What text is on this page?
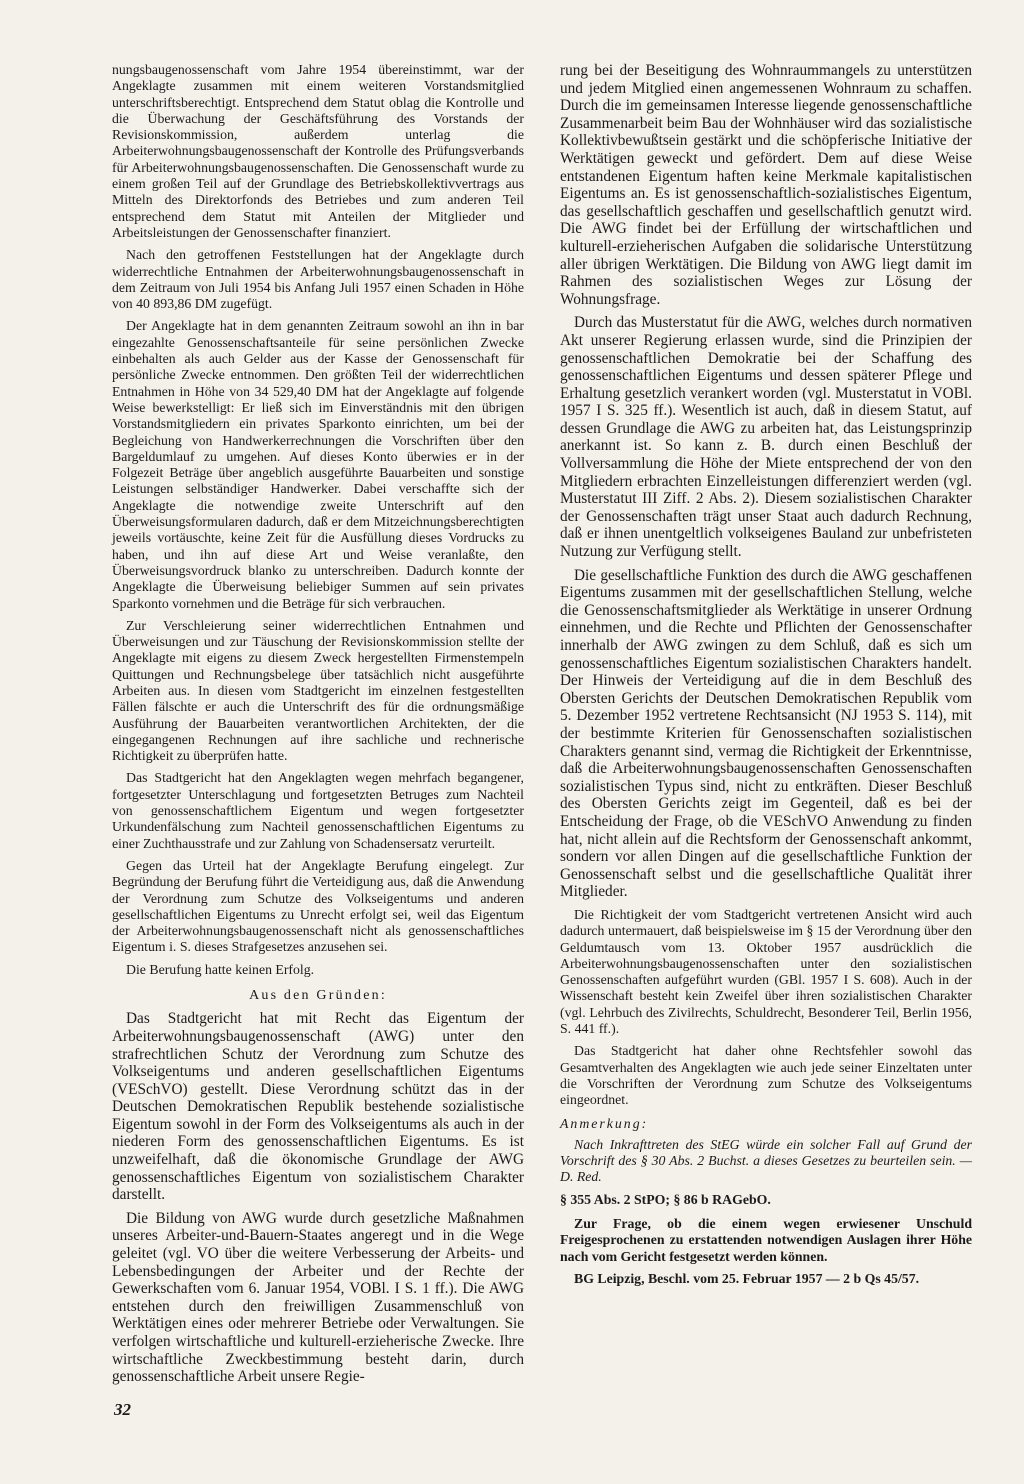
nungsbaugenossenschaft vom Jahre 1954 übereinstimmt, war der Angeklagte zusammen mit einem weiteren Vorstandsmitglied unterschriftsberechtigt. Entsprechend dem Statut oblag die Kontrolle und die Überwachung der Geschäftsführung des Vorstands der Revisionskommission, außerdem unterlag die Arbeiterwohnungsbaugenossenschaft der Kontrolle des Prüfungsverbands für Arbeiterwohnungsbaugenossenschaften. Die Genossenschaft wurde zu einem großen Teil auf der Grundlage des Betriebskollektivvertrags aus Mitteln des Direktorfonds des Betriebes und zum anderen Teil entsprechend dem Statut mit Anteilen der Mitglieder und Arbeitsleistungen der Genossenschafter finanziert.

Nach den getroffenen Feststellungen hat der Angeklagte durch widerrechtliche Entnahmen der Arbeiterwohnungsbaugenossenschaft in dem Zeitraum von Juli 1954 bis Anfang Juli 1957 einen Schaden in Höhe von 40 893,86 DM zugefügt.

Der Angeklagte hat in dem genannten Zeitraum sowohl an ihn in bar eingezahlte Genossenschaftsanteile für seine persönlichen Zwecke einbehalten als auch Gelder aus der Kasse der Genossenschaft für persönliche Zwecke entnommen. Den größten Teil der widerrechtlichen Entnahmen in Höhe von 34 529,40 DM hat der Angeklagte auf folgende Weise bewerkstelligt: Er ließ sich im Einverständnis mit den übrigen Vorstandsmitgliedern ein privates Sparkonto einrichten, um bei der Begleichung von Handwerkerrechnungen die Vorschriften über den Bargeldumlauf zu umgehen. Auf dieses Konto überwies er in der Folgezeit Beträge über angeblich ausgeführte Bauarbeiten und sonstige Leistungen selbständiger Handwerker. Dabei verschaffte sich der Angeklagte die notwendige zweite Unterschrift auf den Überweisungsformularen dadurch, daß er dem Mitzeichnungsberechtigten jeweils vortäuschte, keine Zeit für die Ausfüllung dieses Vordrucks zu haben, und ihn auf diese Art und Weise veranlaßte, den Überweisungsvordruck blanko zu unterschreiben. Dadurch konnte der Angeklagte die Überweisung beliebiger Summen auf sein privates Sparkonto vornehmen und die Beträge für sich verbrauchen.

Zur Verschleierung seiner widerrechtlichen Entnahmen und Überweisungen und zur Täuschung der Revisionskommission stellte der Angeklagte mit eigens zu diesem Zweck hergestellten Firmenstempeln Quittungen und Rechnungsbelege über tatsächlich nicht ausgeführte Arbeiten aus. In diesen vom Stadtgericht im einzelnen festgestellten Fällen fälschte er auch die Unterschrift des für die ordnungsmäßige Ausführung der Bauarbeiten verantwortlichen Architekten, der die eingegangenen Rechnungen auf ihre sachliche und rechnerische Richtigkeit zu überprüfen hatte.

Das Stadtgericht hat den Angeklagten wegen mehrfach begangener, fortgesetzter Unterschlagung und fortgesetzten Betruges zum Nachteil von genossenschaftlichem Eigentum und wegen fortgesetzter Urkundenfälschung zum Nachteil genossenschaftlichen Eigentums zu einer Zuchthausstrafe und zur Zahlung von Schadensersatz verurteilt.

Gegen das Urteil hat der Angeklagte Berufung eingelegt. Zur Begründung der Berufung führt die Verteidigung aus, daß die Anwendung der Verordnung zum Schutze des Volkseigentums und anderen gesellschaftlichen Eigentums zu Unrecht erfolgt sei, weil das Eigentum der Arbeiterwohnungsbaugenossenschaft nicht als genossenschaftliches Eigentum i. S. dieses Strafgesetzes anzusehen sei.

Die Berufung hatte keinen Erfolg.

Aus den Gründen:

Das Stadtgericht hat mit Recht das Eigentum der Arbeiterwohnungsbaugenossenschaft (AWG) unter den strafrechtlichen Schutz der Verordnung zum Schutze des Volkseigentums und anderen gesellschaftlichen Eigentums (VESchVO) gestellt. Diese Verordnung schützt das in der Deutschen Demokratischen Republik bestehende sozialistische Eigentum sowohl in der Form des Volkseigentums als auch in der niederen Form des genossenschaftlichen Eigentums. Es ist unzweifelhaft, daß die ökonomische Grundlage der AWG genossenschaftliches Eigentum von sozialistischem Charakter darstellt.

Die Bildung von AWG wurde durch gesetzliche Maßnahmen unseres Arbeiter-und-Bauern-Staates angeregt und in die Wege geleitet (vgl. VO über die weitere Verbesserung der Arbeits- und Lebensbedingungen der Arbeiter und der Rechte der Gewerkschaften vom 6. Januar 1954, VOBl. I S. 1 ff.). Die AWG entstehen durch den freiwilligen Zusammenschluß von Werktätigen eines oder mehrerer Betriebe oder Verwaltungen. Sie verfolgen wirtschaftliche und kulturell-erzieherische Zwecke. Ihre wirtschaftliche Zweckbestimmung besteht darin, durch genossenschaftliche Arbeit unsere Regie-

rung bei der Beseitigung des Wohnraummangels zu unterstützen und jedem Mitglied einen angemessenen Wohnraum zu schaffen. Durch die im gemeinsamen Interesse liegende genossenschaftliche Zusammenarbeit beim Bau der Wohnhäuser wird das sozialistische Kollektivbewußtsein gestärkt und die schöpferische Initiative der Werktätigen geweckt und gefördert. Dem auf diese Weise entstandenen Eigentum haften keine Merkmale kapitalistischen Eigentums an. Es ist genossenschaftlich-sozialistisches Eigentum, das gesellschaftlich geschaffen und gesellschaftlich genutzt wird. Die AWG findet bei der Erfüllung der wirtschaftlichen und kulturell-erzieherischen Aufgaben die solidarische Unterstützung aller übrigen Werktätigen. Die Bildung von AWG liegt damit im Rahmen des sozialistischen Weges zur Lösung der Wohnungsfrage.

Durch das Musterstatut für die AWG, welches durch normativen Akt unserer Regierung erlassen wurde, sind die Prinzipien der genossenschaftlichen Demokratie bei der Schaffung des genossenschaftlichen Eigentums und dessen späterer Pflege und Erhaltung gesetzlich verankert worden (vgl. Musterstatut in VOBl. 1957 I S. 325 ff.). Wesentlich ist auch, daß in diesem Statut, auf dessen Grundlage die AWG zu arbeiten hat, das Leistungsprinzip anerkannt ist. So kann z. B. durch einen Beschluß der Vollversammlung die Höhe der Miete entsprechend der von den Mitgliedern erbrachten Einzelleistungen differenziert werden (vgl. Musterstatut III Ziff. 2 Abs. 2). Diesem sozialistischen Charakter der Genossenschaften trägt unser Staat auch dadurch Rechnung, daß er ihnen unentgeltlich volkseigenes Bauland zur unbefristeten Nutzung zur Verfügung stellt.

Die gesellschaftliche Funktion des durch die AWG geschaffenen Eigentums zusammen mit der gesellschaftlichen Stellung, welche die Genossenschaftsmitglieder als Werktätige in unserer Ordnung einnehmen, und die Rechte und Pflichten der Genossenschafter innerhalb der AWG zwingen zu dem Schluß, daß es sich um genossenschaftliches Eigentum sozialistischen Charakters handelt. Der Hinweis der Verteidigung auf die in dem Beschluß des Obersten Gerichts der Deutschen Demokratischen Republik vom 5. Dezember 1952 vertretene Rechtsansicht (NJ 1953 S. 114), mit der bestimmte Kriterien für Genossenschaften sozialistischen Charakters genannt sind, vermag die Richtigkeit der Erkenntnisse, daß die Arbeiterwohnungsbaugenossenschaften Genossenschaften sozialistischen Typus sind, nicht zu entkräften. Dieser Beschluß des Obersten Gerichts zeigt im Gegenteil, daß es bei der Entscheidung der Frage, ob die VESchVO Anwendung zu finden hat, nicht allein auf die Rechtsform der Genossenschaft ankommt, sondern vor allen Dingen auf die gesellschaftliche Funktion der Genossenschaft selbst und die gesellschaftliche Qualität ihrer Mitglieder.

Die Richtigkeit der vom Stadtgericht vertretenen Ansicht wird auch dadurch untermauert, daß beispielsweise im § 15 der Verordnung über den Geldumtausch vom 13. Oktober 1957 ausdrücklich die Arbeiterwohnungsbaugenossenschaften unter den sozialistischen Genossenschaften aufgeführt wurden (GBl. 1957 I S. 608). Auch in der Wissenschaft besteht kein Zweifel über ihren sozialistischen Charakter (vgl. Lehrbuch des Zivilrechts, Schuldrecht, Besonderer Teil, Berlin 1956, S. 441 ff.).

Das Stadtgericht hat daher ohne Rechtsfehler sowohl das Gesamtverhalten des Angeklagten wie auch jede seiner Einzeltaten unter die Vorschriften der Verordnung zum Schutze des Volkseigentums eingeordnet.

Anmerkung:

Nach Inkrafttreten des StEG würde ein solcher Fall auf Grund der Vorschrift des § 30 Abs. 2 Buchst. a dieses Gesetzes zu beurteilen sein. — D. Red.

§ 355 Abs. 2 StPO; § 86 b RAGebO.

Zur Frage, ob die einem wegen erwiesener Unschuld Freigesprochenen zu erstattenden notwendigen Auslagen ihrer Höhe nach vom Gericht festgesetzt werden können.

BG Leipzig, Beschl. vom 25. Februar 1957 — 2 b Qs 45/57.

32
